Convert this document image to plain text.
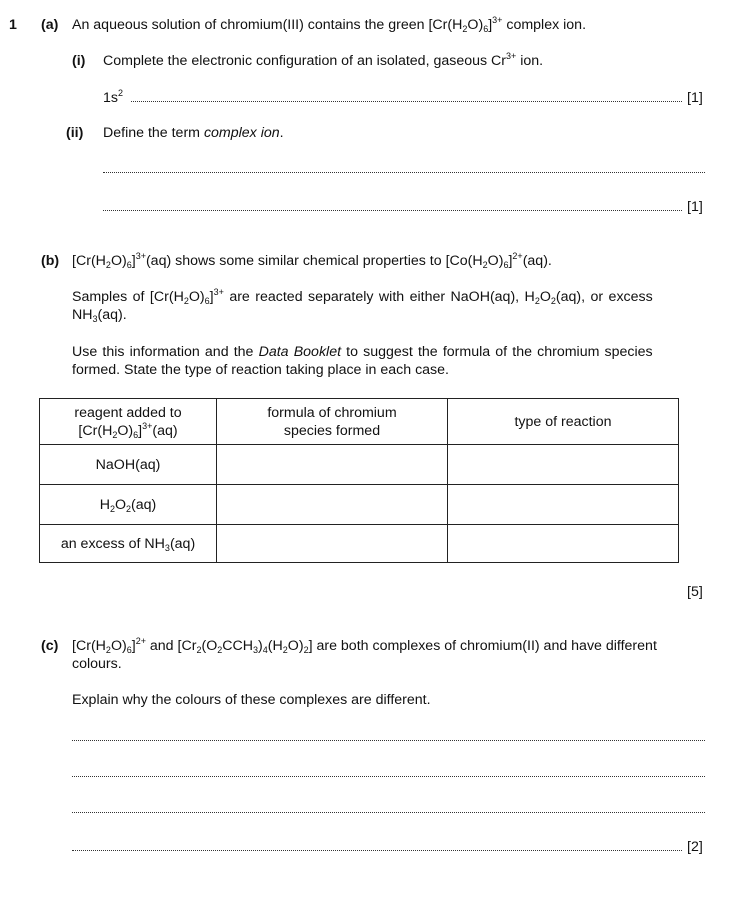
1 (a) An aqueous solution of chromium(III) contains the green $[Cr(H_2O)_6]^{3+}$ complex ion.
(i) Complete the electronic configuration of an isolated, gaseous $Cr^{3+}$ ion.
$1s^2$	[1]
(ii) Define the term complex ion.
[1]
(b) $[Cr(H_2O)_6]^{3+}(aq)$ shows some similar chemical properties to $[Co(H_2O)_6]^{2+}(aq)$.
Samples of $[Cr(H_2O)_6]^{3+}$ are reacted separately with either NaOH(aq), $H_2O_2(aq)$, or excess
$NH_3(aq)$.
Use this information and the Data Booklet to suggest the formula of the chromium species
formed. State the type of reaction taking place in each case.
reagent added to
$[Cr(H_2O)_6]^{3+}(aq)$	formula of chromium species formed	type of reaction
NaOH(aq)		
$H_2O_2(aq)$		
an excess of $NH_3(aq)$		
[5]
(c) $[Cr(H_2O)_6]^{2+}$ and $[Cr_2(O_2CCH_3)_4(H_2O)_2]$ are both complexes of chromium(II) and have different
colours.
Explain why the colours of these complexes are different.
[2]
